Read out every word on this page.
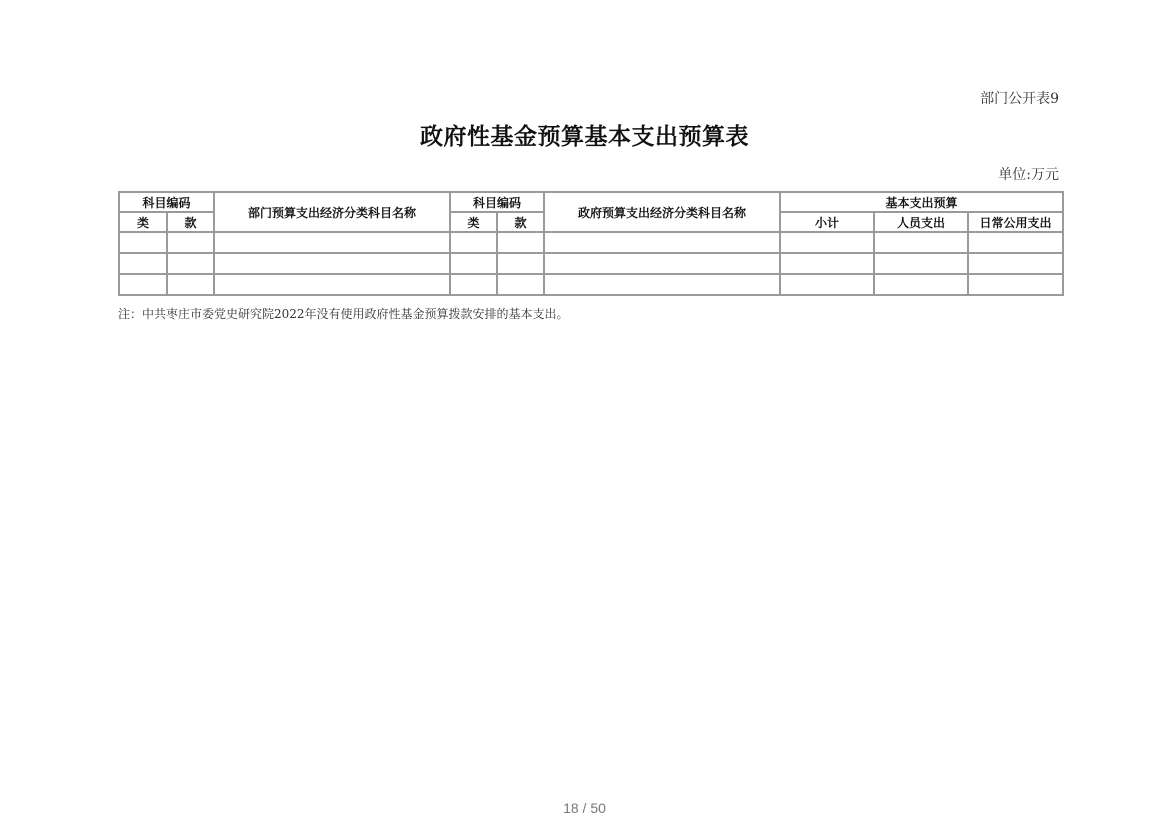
部门公开表9
政府性基金预算基本支出预算表
单位:万元
科目编码		部门预算支出经济分类科目名称	科目编码		政府预算支出经济分类科目名称	基本支出预算		
类	款		类	款		小计	人员支出	日常公用支出

注：中共枣庄市委党史研究院2022年没有使用政府性基金预算拨款安排的基本支出。
18 / 50
